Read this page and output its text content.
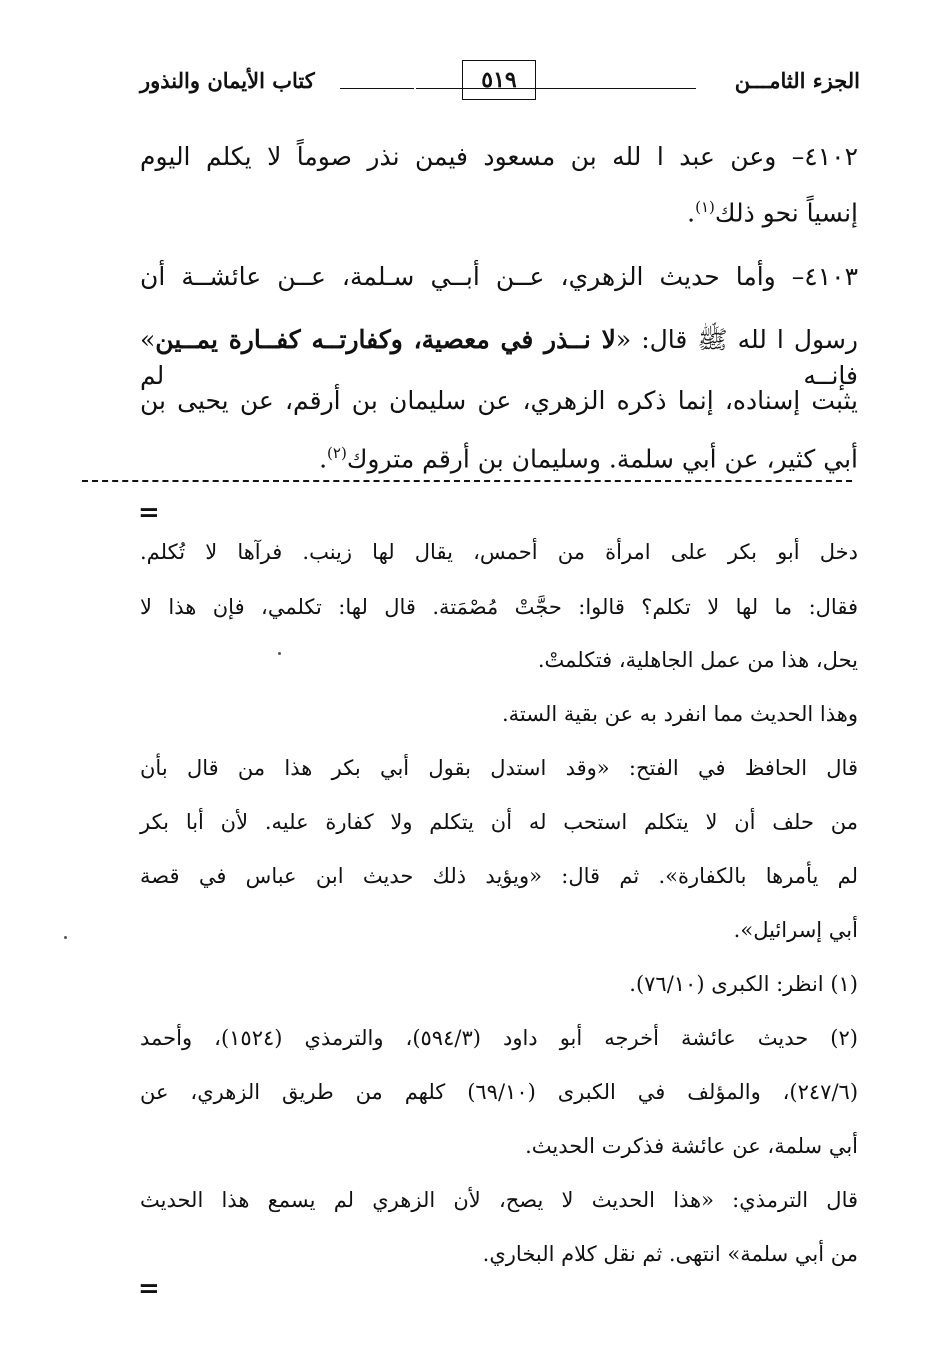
الجزء الثامـــن
٥١٩
كتاب الأيمان والنذور
٤١٠٢– وعن عبد ا لله بن مسعود فيمن نذر صوماً لا يكلم اليوم
إنسياً نحو ذلك$^{(١)}$.
٤١٠٣– وأما حديث الزهري، عــن أبــي سـلمة، عــن عائشــة أن
رسول ا لله ﷺ قال: «لا نــذر في معصية، وكفارتــه كفــارة يمــين» فإنــه لم
يثبت إسناده، إنما ذكره الزهري، عن سليمان بن أرقم، عن يحيى بن
أبي كثير، عن أبي سلمة. وسليمان بن أرقم متروك$^{(٢)}$.
=
دخل أبو بكر على امرأة من أحمس، يقال لها زينب. فرآها لا تُكلم.
فقال: ما لها لا تكلم؟ قالوا: حجَّتْ مُصْمَتة. قال لها: تكلمي، فإن هذا لا
يحل، هذا من عمل الجاهلية، فتكلمتْ.
وهذا الحديث مما انفرد به عن بقية الستة.
قال الحافظ في الفتح: «وقد استدل بقول أبي بكر هذا من قال بأن
من حلف أن لا يتكلم استحب له أن يتكلم ولا كفارة عليه. لأن أبا بكر
لم يأمرها بالكفارة». ثم قال: «ويؤيد ذلك حديث ابن عباس في قصة
أبي إسرائيل».
(١) انظر: الكبرى (٧٦/١٠).
(٢) حديث عائشة أخرجه أبو داود (٥٩٤/٣)، والترمذي (١٥٢٤)، وأحمد
(٢٤٧/٦)، والمؤلف في الكبرى (٦٩/١٠) كلهم من طريق الزهري، عن
أبي سلمة، عن عائشة فذكرت الحديث.
قال الترمذي: «هذا الحديث لا يصح، لأن الزهري لم يسمع هذا الحديث
من أبي سلمة» انتهى. ثم نقل كلام البخاري.
=
